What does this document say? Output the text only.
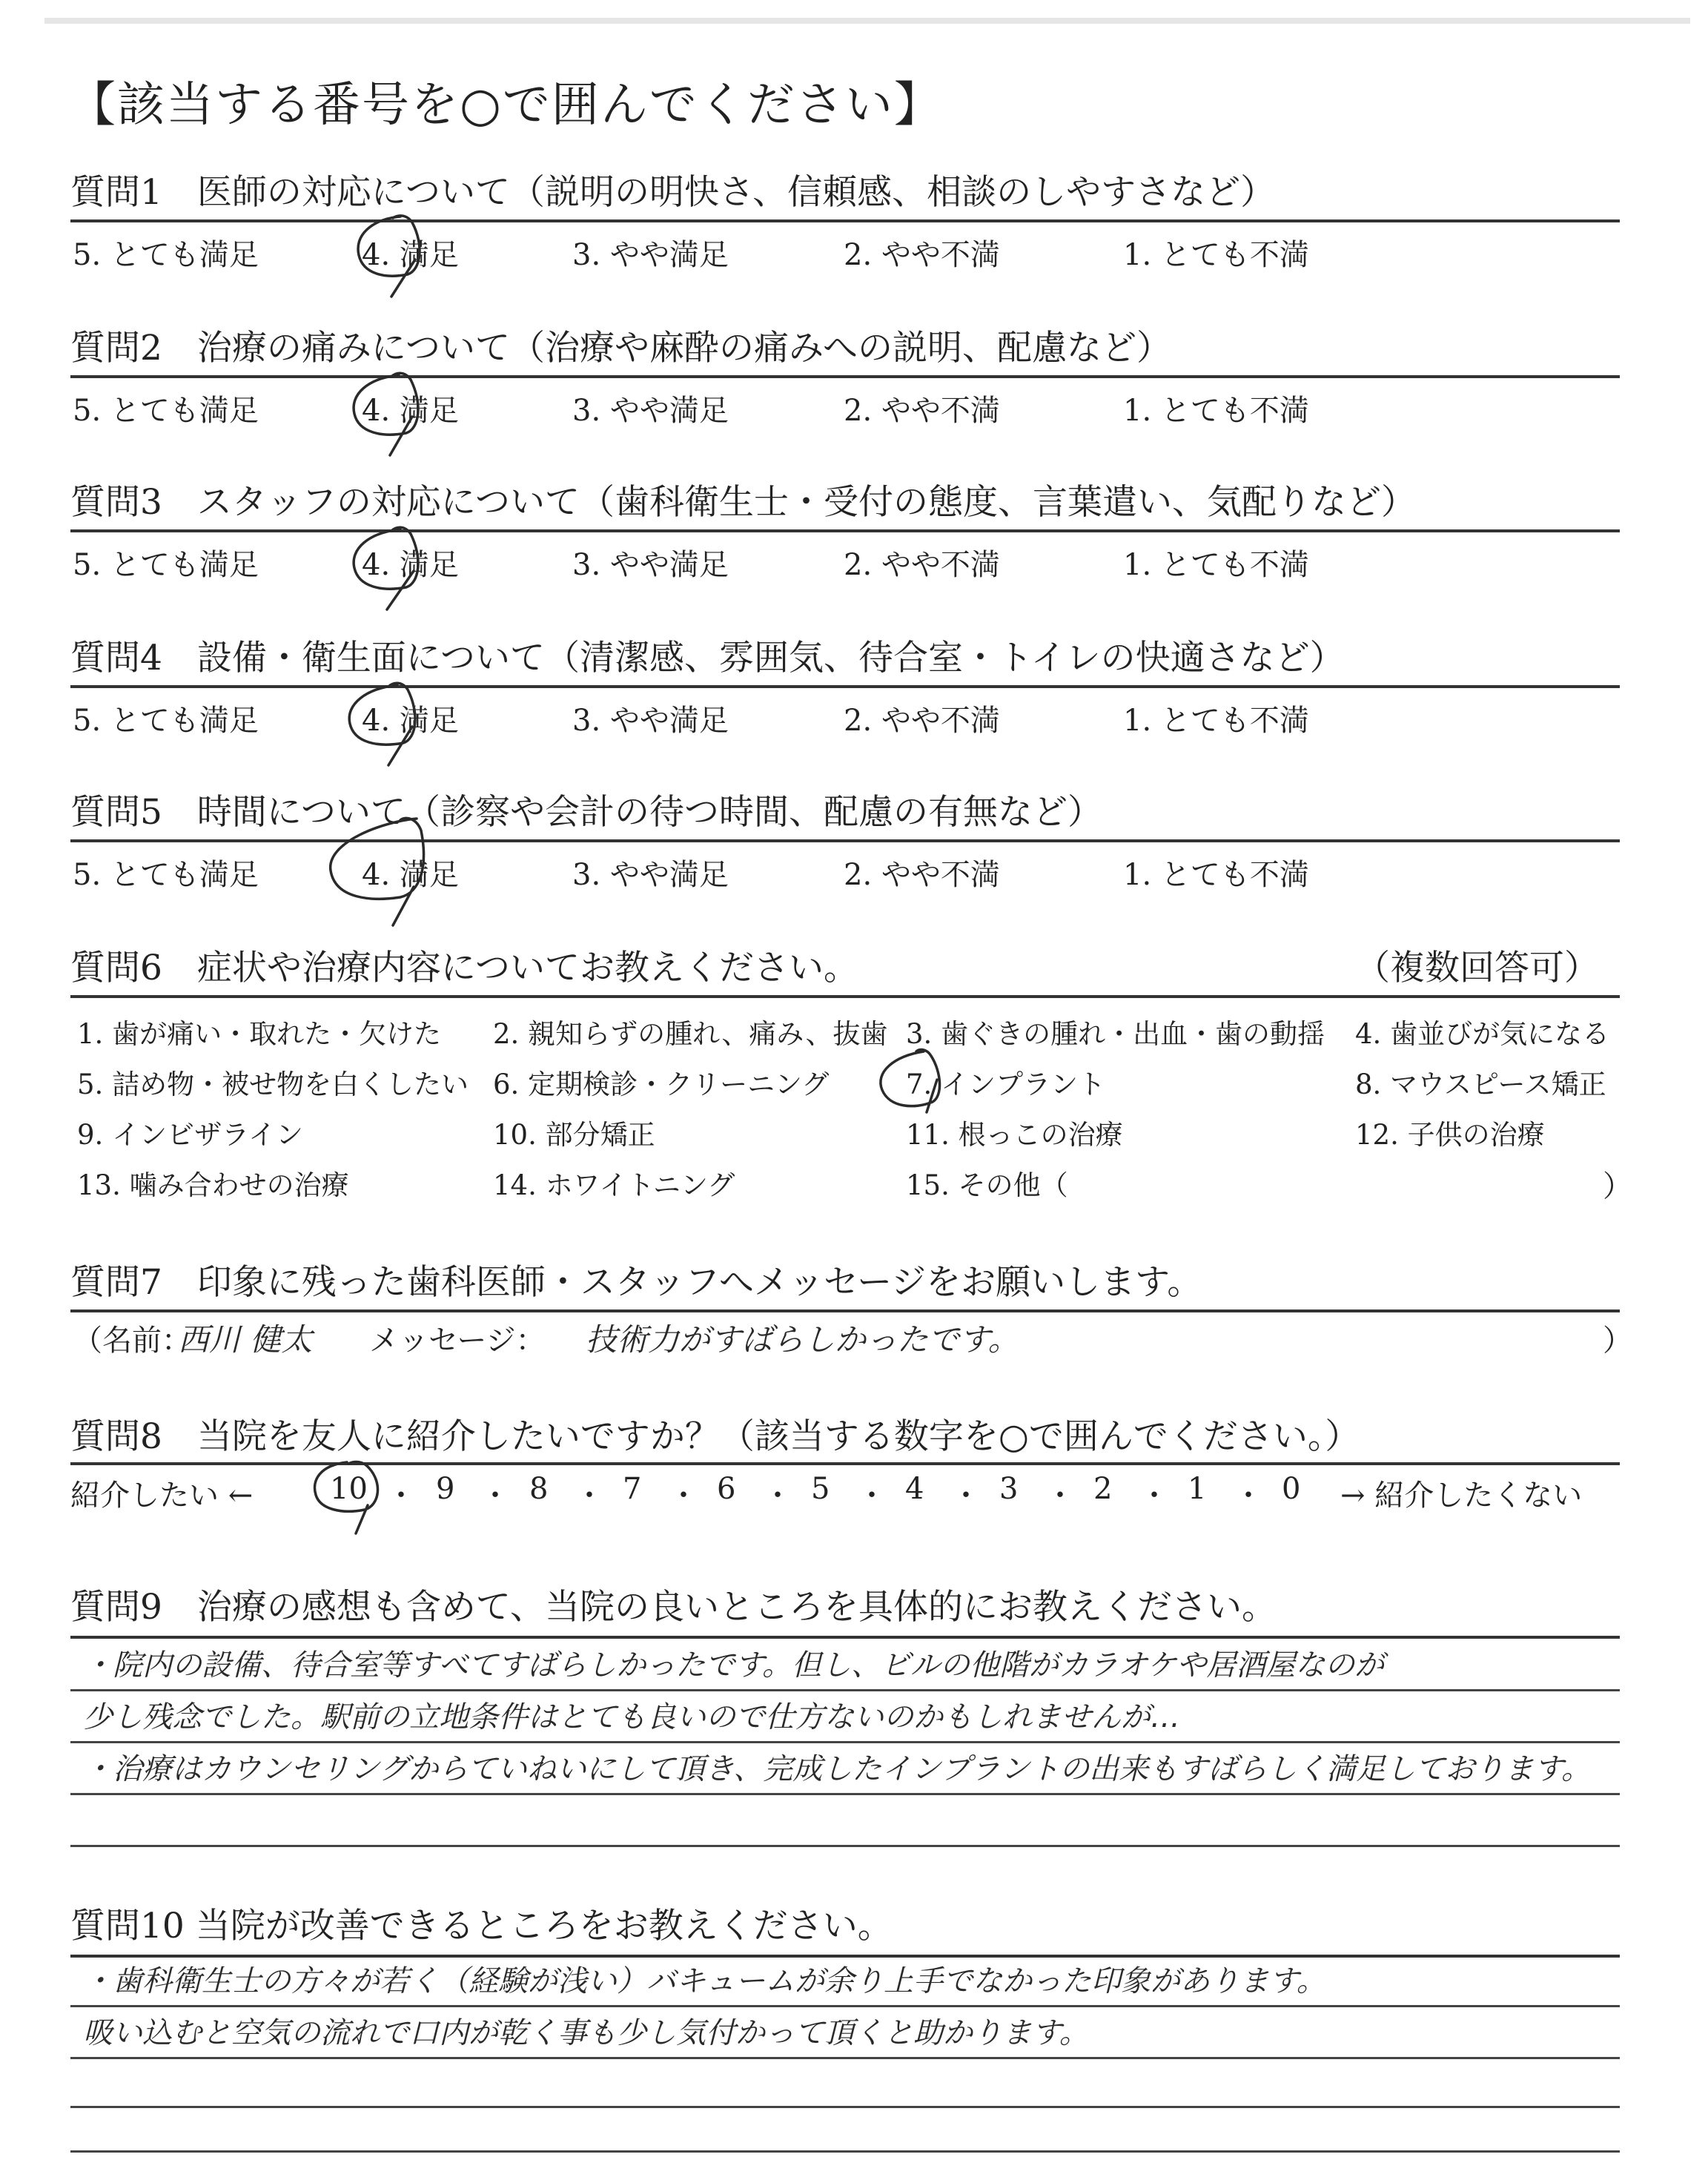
【該当する番号を○で囲んでください】
質問1　医師の対応について（説明の明快さ、信頼感、相談のしやすさなど）
5. とても満足	4. 満足	3. やや満足	2. やや不満	1. とても不満
質問2　治療の痛みについて（治療や麻酔の痛みへの説明、配慮など）
5. とても満足	4. 満足	3. やや満足	2. やや不満	1. とても不満
質問3　スタッフの対応について（歯科衛生士・受付の態度、言葉遣い、気配りなど）
5. とても満足	4. 満足	3. やや満足	2. やや不満	1. とても不満
質問4　設備・衛生面について（清潔感、雰囲気、待合室・トイレの快適さなど）
5. とても満足	4. 満足	3. やや満足	2. やや不満	1. とても不満
質問5　時間について（診察や会計の待つ時間、配慮の有無など）
5. とても満足	4. 満足	3. やや満足	2. やや不満	1. とても不満
質問6　症状や治療内容についてお教えください。	（複数回答可）
1. 歯が痛い・取れた・欠けた 2. 親知らずの腫れ、痛み、抜歯 3. 歯ぐきの腫れ・出血・歯の動揺 4. 歯並びが気になる
5. 詰め物・被せ物を白くしたい 6. 定期検診・クリーニング	7. インプラント	8. マウスピース矯正
9. インビザライン	10. 部分矯正	11. 根っこの治療	12. 子供の治療
13. 噛み合わせの治療	14. ホワイトニング	15. その他（	）
質問7　印象に残った歯科医師・スタッフへメッセージをお願いします。
（名前：
西川 健太 メッセージ： 技術力がすばらしかったです。	）
質問8　当院を友人に紹介したいですか？（該当する数字を○で囲んでください。）
紹介したい ←	10 ・ 9 ・ 8 ・ 7 ・ 6 ・ 5 ・ 4 ・ 3 ・ 2 ・ 1 ・ 0 → 紹介したくない
質問9　治療の感想も含めて、当院の良いところを具体的にお教えください。
・院内の設備、待合室等すべてすばらしかったです。但し、ビルの他階がカラオケや居酒屋なのが
少し残念でした。駅前の立地条件はとても良いので仕方ないのかもしれませんが…
・治療はカウンセリングからていねいにして頂き、完成したインプラントの出来もすばらしく満足しております。
質問10 当院が改善できるところをお教えください。
・歯科衛生士の方々が若く（経験が浅い）バキュームが余り上手でなかった印象があります。
吸い込むと空気の流れで口内が乾く事も少し気付かって頂くと助かります。
